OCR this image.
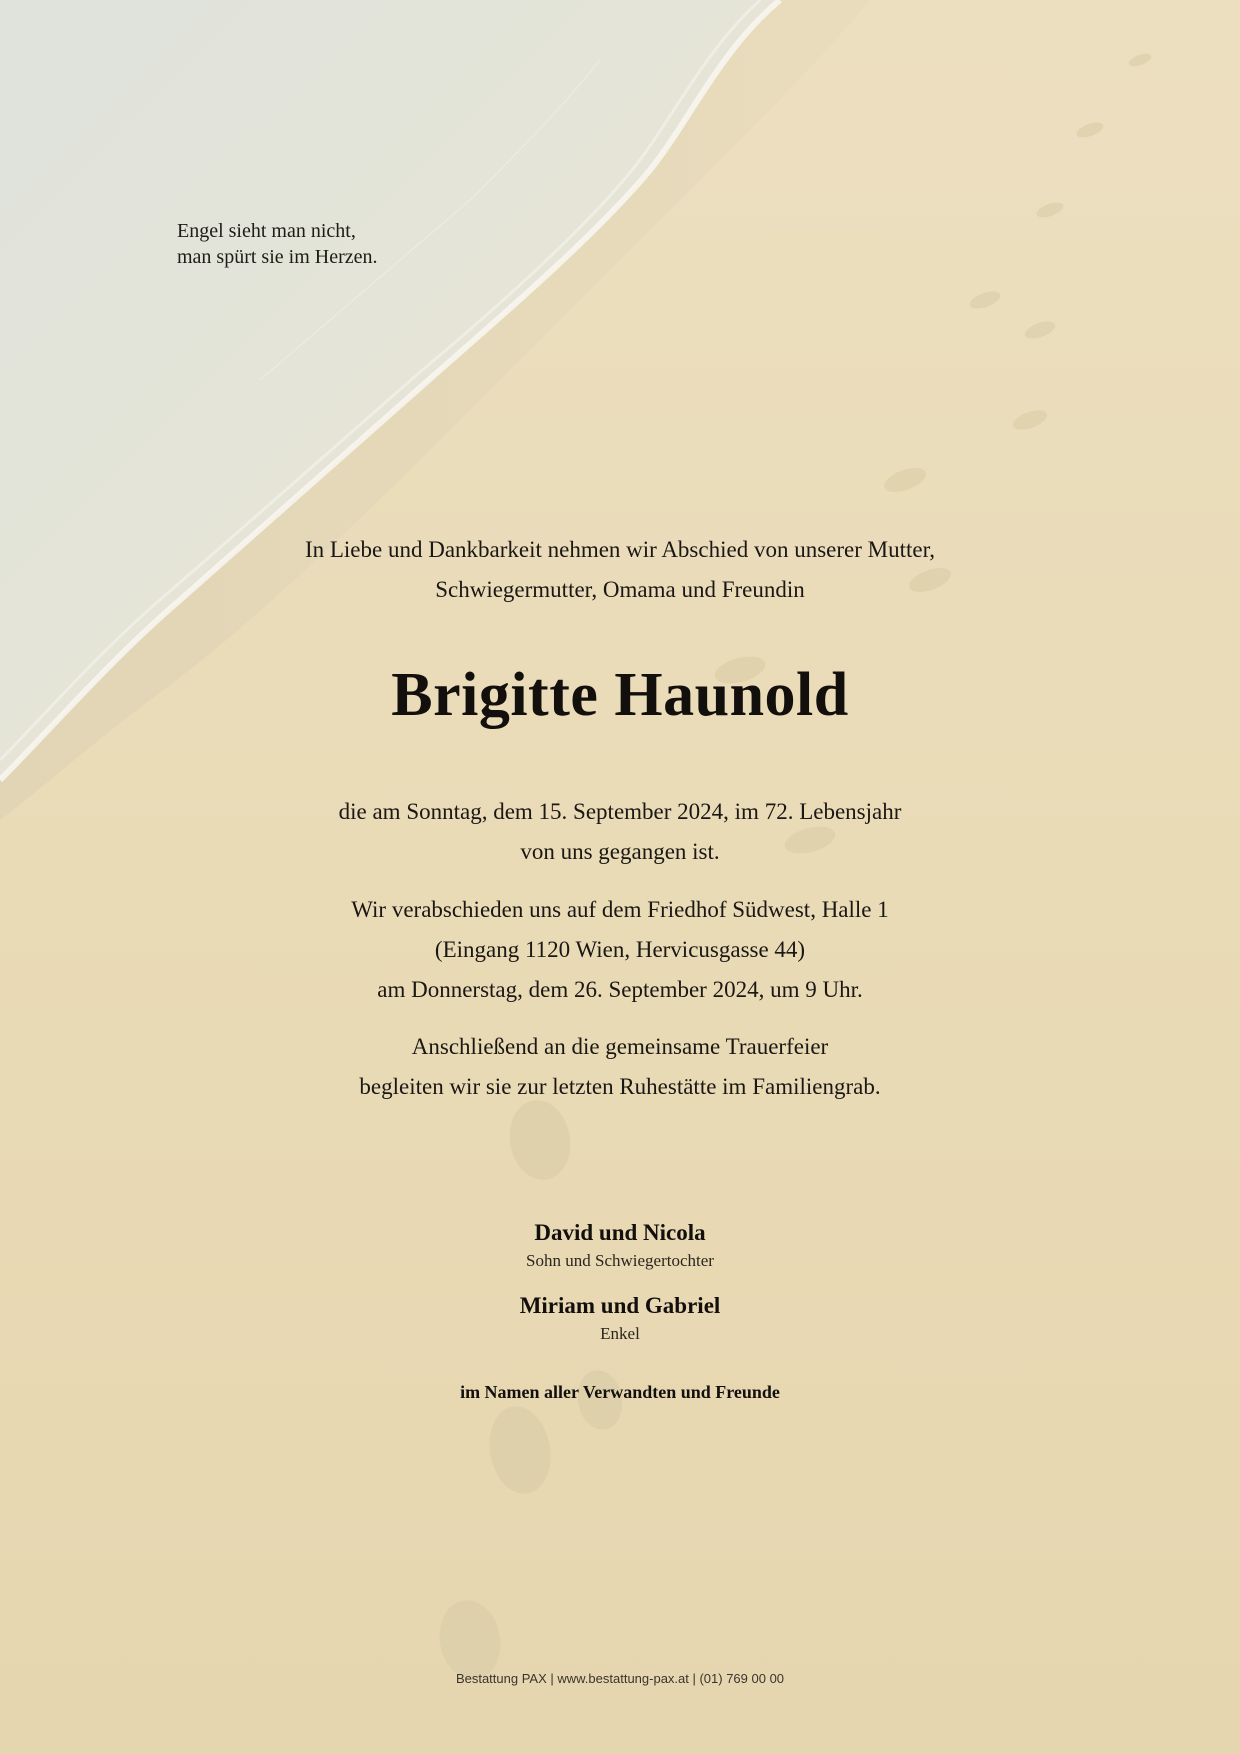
Engel sieht man nicht,
man spürt sie im Herzen.
In Liebe und Dankbarkeit nehmen wir Abschied von unserer Mutter,
Schwiegermutter, Omama und Freundin
Brigitte Haunold
die am Sonntag, dem 15. September 2024, im 72. Lebensjahr
von uns gegangen ist.
Wir verabschieden uns auf dem Friedhof Südwest, Halle 1
(Eingang 1120 Wien, Hervicusgasse 44)
am Donnerstag, dem 26. September 2024, um 9 Uhr.
Anschließend an die gemeinsame Trauerfeier
begleiten wir sie zur letzten Ruhestätte im Familiengrab.
David und Nicola
Sohn und Schwiegertochter
Miriam und Gabriel
Enkel
im Namen aller Verwandten und Freunde
Bestattung PAX | www.bestattung-pax.at | (01) 769 00 00
